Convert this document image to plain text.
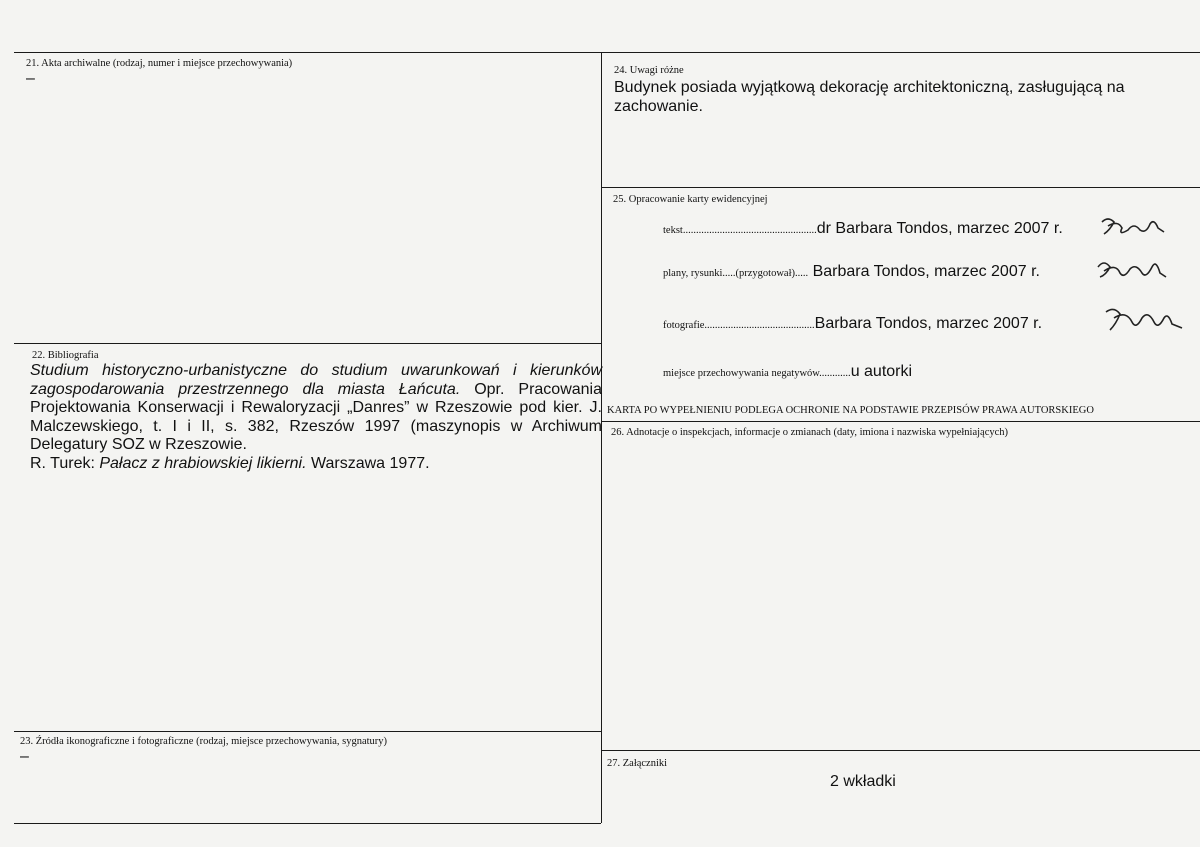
21. Akta archiwalne (rodzaj, numer i miejsce przechowywania)
–
22. Bibliografia

Studium historyczno-urbanistyczne do studium uwarunkowań i kierunków zagospodarowania przestrzennego dla miasta Łańcuta. Opr. Pracowania Projektowania Konserwacji i Rewaloryzacji „Danres” w Rzeszowie pod kier. J. Malczewskiego, t. I i II, s. 382, Rzeszów 1997 (maszynopis w Archiwum Delegatury SOZ w Rzeszowie.

R. Turek: Pałacz z hrabiowskiej likierni. Warszawa 1977.

23. Źródła ikonograficzne i fotograficzne (rodzaj, miejsce przechowywania, sygnatury)
–
24. Uwagi różne
Budynek posiada wyjątkową dekorację architektoniczną, zasługującą na zachowanie.
25. Opracowanie karty ewidencyjnej
tekst...................................................dr Barbara Tondos, marzec 2007 r.
plany, rysunki.....(przygotował)..... Barbara Tondos, marzec 2007 r.
fotografie..........................................Barbara Tondos, marzec 2007 r.
miejsce przechowywania negatywów............u autorki
KARTA PO WYPEŁNIENIU PODLEGA OCHRONIE NA PODSTAWIE PRZEPISÓW PRAWA AUTORSKIEGO
26. Adnotacje o inspekcjach, informacje o zmianach (daty, imiona i nazwiska wypełniających)
27. Załączniki
2 wkładki
